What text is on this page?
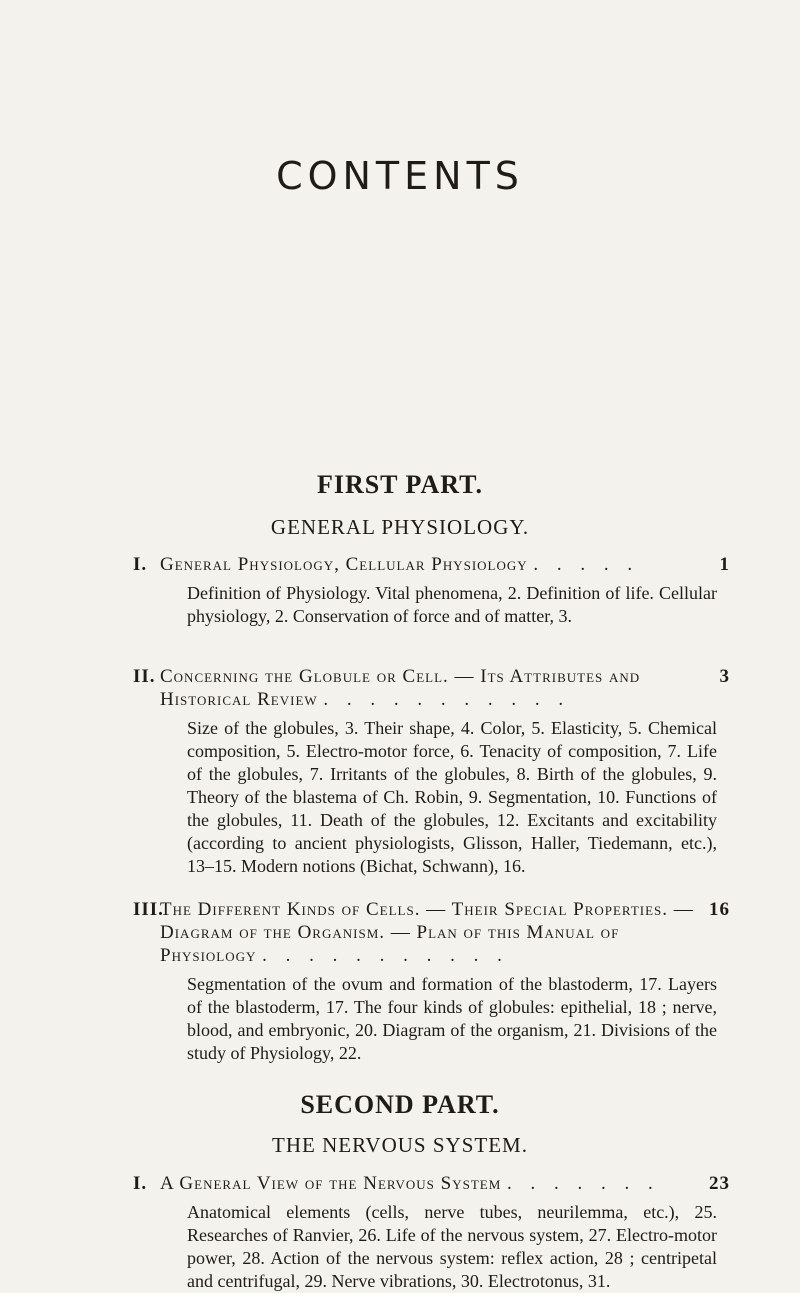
CONTENTS
FIRST PART.
GENERAL PHYSIOLOGY.
I. General Physiology, Cellular Physiology . . . . .	1
Definition of Physiology. Vital phenomena, 2. Definition of life. Cellular physiology, 2. Conservation of force and of matter, 3.
II. Concerning the Globule or Cell. — Its Attributes and Historical Review . . . . . . . . . . .
3
Size of the globules, 3. Their shape, 4. Color, 5. Elasticity, 5. Chemical composition, 5. Electro-motor force, 6. Tenacity of composition, 7. Life of the globules, 7. Irritants of the globules, 8. Birth of the globules, 9. Theory of the blastema of Ch. Robin, 9. Segmentation, 10. Functions of the globules, 11. Death of the globules, 12. Excitants and excitability (according to ancient physiologists, Glisson, Haller, Tiedemann, etc.), 13–15. Modern notions (Bichat, Schwann), 16.
III.
The Different Kinds of Cells. — Their Special Properties. — Diagram of the Organism. — Plan of this Manual of Physiology . . . . . . . . . . .
16
Segmentation of the ovum and formation of the blastoderm, 17. Layers of the blastoderm, 17. The four kinds of globules: epithelial, 18 ; nerve, blood, and embryonic, 20. Diagram of the organism, 21. Divisions of the study of Physiology, 22.
SECOND PART.
THE NERVOUS SYSTEM.
I. A General View of the Nervous System . . . . . . .	23
Anatomical elements (cells, nerve tubes, neurilemma, etc.), 25. Researches of Ranvier, 26. Life of the nervous system, 27. Electro-motor power, 28. Action of the nervous system: reflex action, 28 ; centripetal and centrifugal, 29. Nerve vibrations, 30. Electrotonus, 31.
